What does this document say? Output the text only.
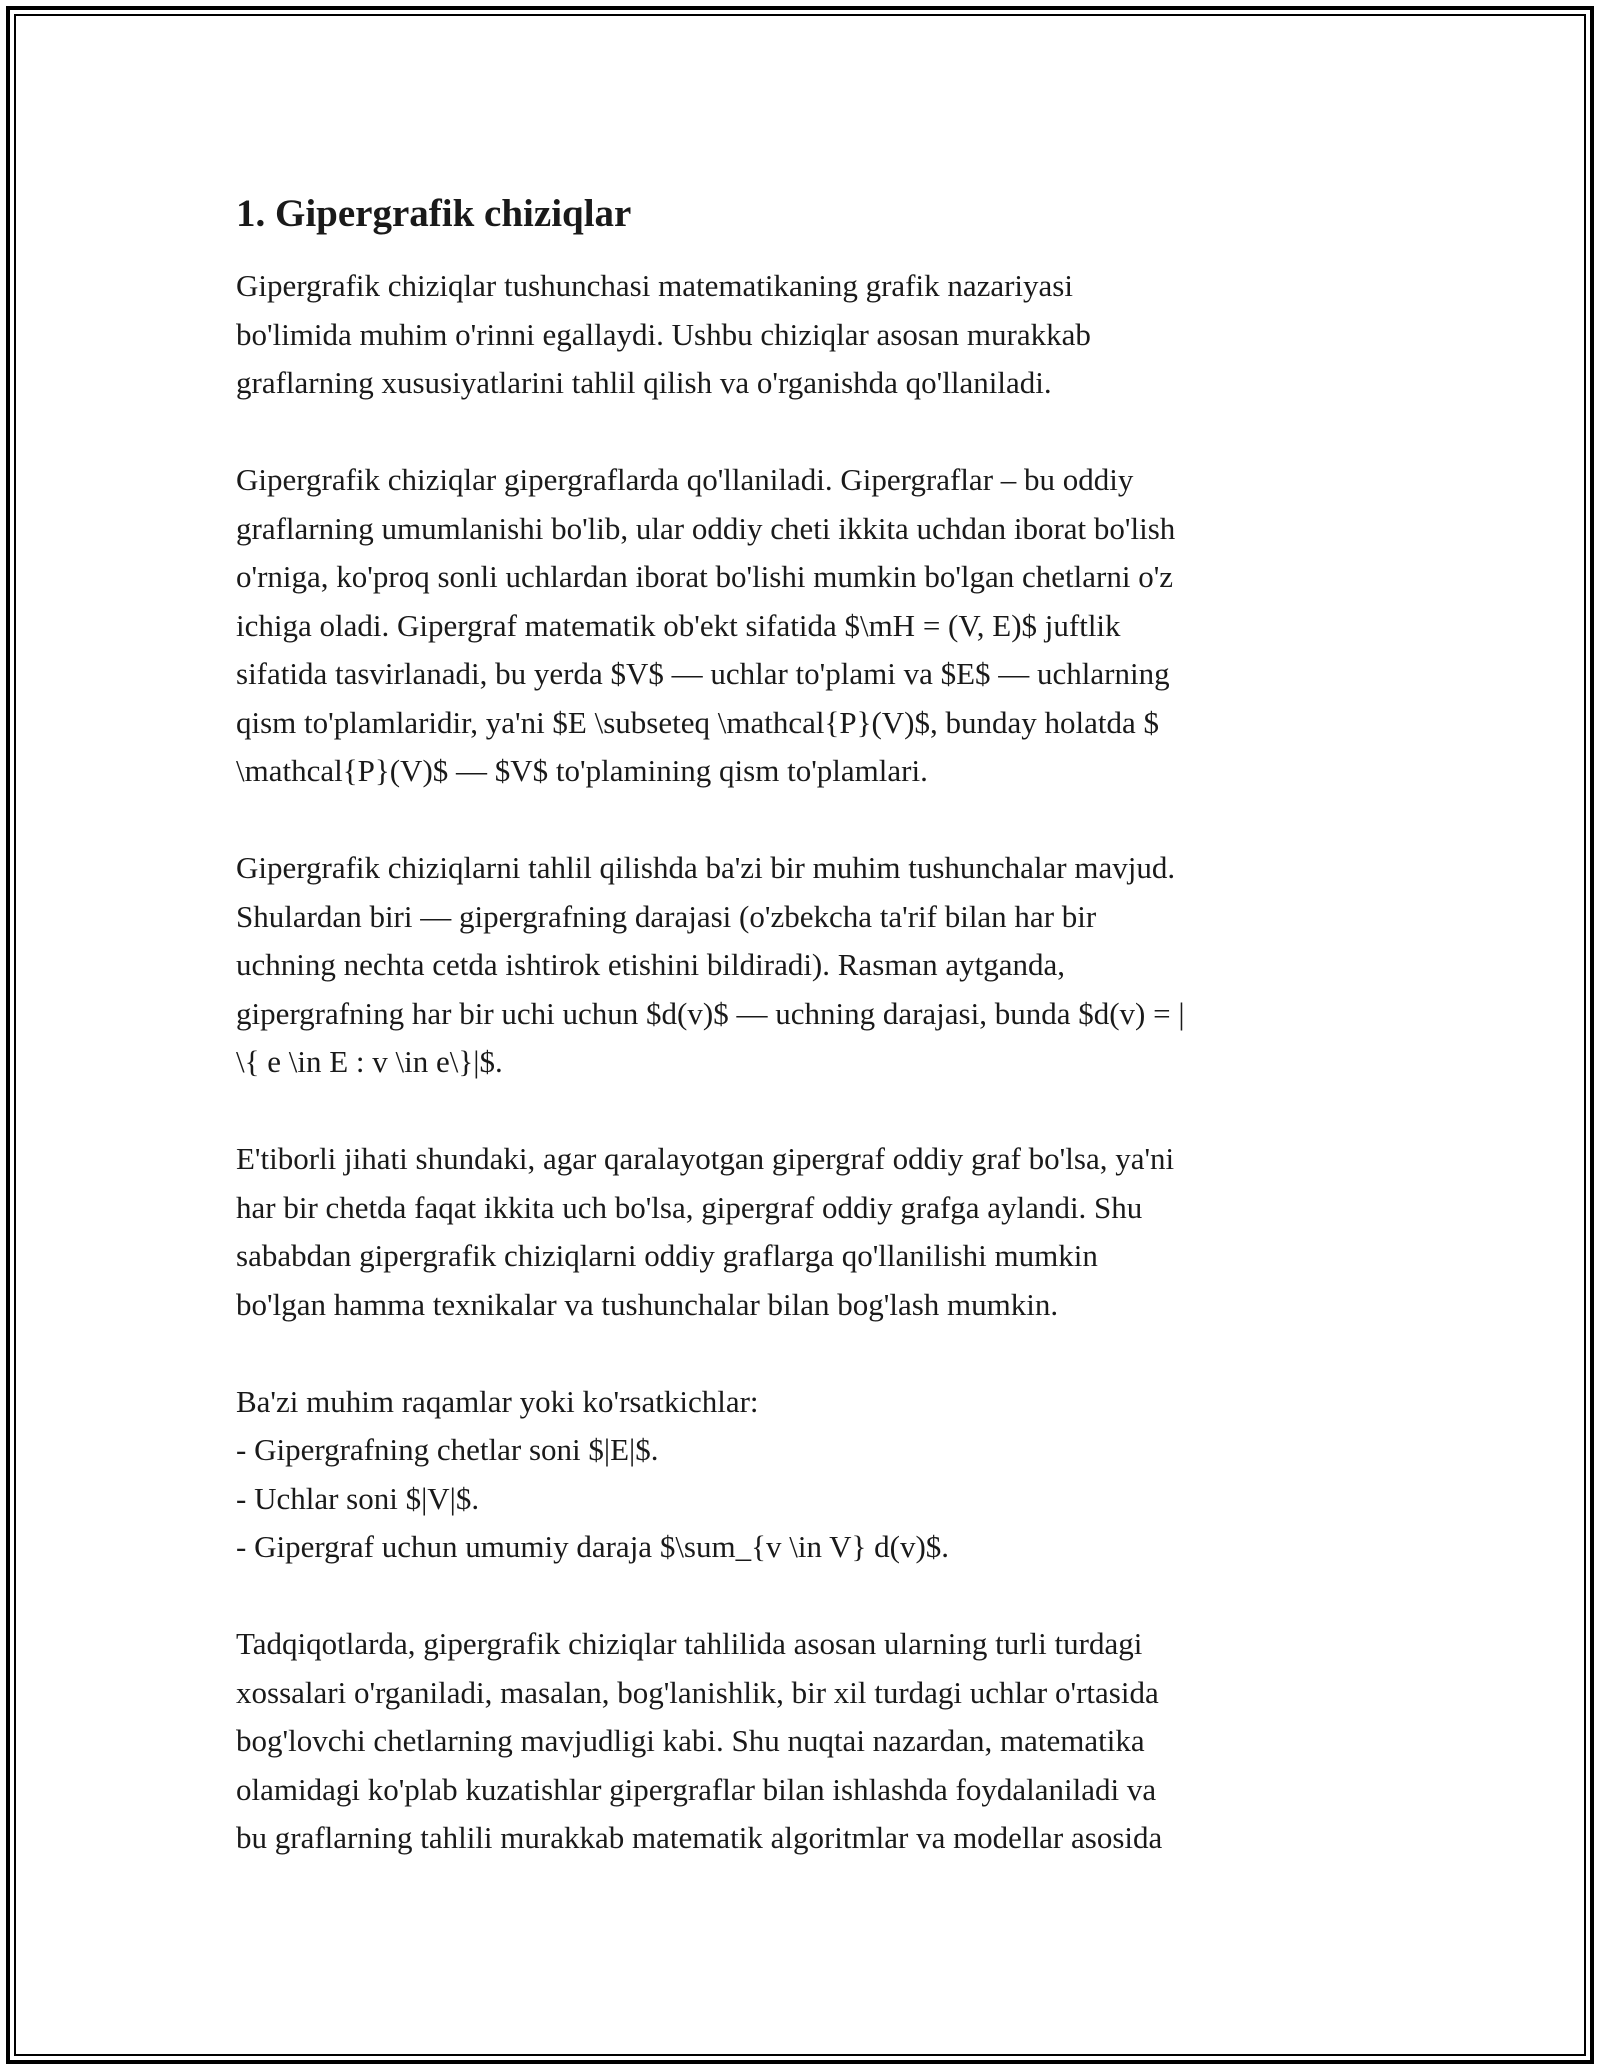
1. Gipergrafik chiziqlar
Gipergrafik chiziqlar tushunchasi matematikaning grafik nazariyasi
bo'limida muhim o'rinni egallaydi. Ushbu chiziqlar asosan murakkab
graflarning xususiyatlarini tahlil qilish va o'rganishda qo'llaniladi.
Gipergrafik chiziqlar gipergraflarda qo'llaniladi. Gipergraflar – bu oddiy
graflarning umumlanishi bo'lib, ular oddiy cheti ikkita uchdan iborat bo'lish
o'rniga, ko'proq sonli uchlardan iborat bo'lishi mumkin bo'lgan chetlarni o'z
ichiga oladi. Gipergraf matematik ob'ekt sifatida $\mH = (V, E)$ juftlik
sifatida tasvirlanadi, bu yerda $V$ — uchlar to'plami va $E$ — uchlarning
qism to'plamlaridir, ya'ni $E \subseteq \mathcal{P}(V)$, bunday holatda $
\mathcal{P}(V)$ — $V$ to'plamining qism to'plamlari.
Gipergrafik chiziqlarni tahlil qilishda ba'zi bir muhim tushunchalar mavjud.
Shulardan biri — gipergrafning darajasi (o'zbekcha ta'rif bilan har bir
uchning nechta cetda ishtirok etishini bildiradi). Rasman aytganda,
gipergrafning har bir uchi uchun $d(v)$ — uchning darajasi, bunda $d(v) = |
\{ e \in E : v \in e\}|$.
E'tiborli jihati shundaki, agar qaralayotgan gipergraf oddiy graf bo'lsa, ya'ni
har bir chetda faqat ikkita uch bo'lsa, gipergraf oddiy grafga aylandi. Shu
sababdan gipergrafik chiziqlarni oddiy graflarga qo'llanilishi mumkin
bo'lgan hamma texnikalar va tushunchalar bilan bog'lash mumkin.
Ba'zi muhim raqamlar yoki ko'rsatkichlar:
- Gipergrafning chetlar soni $|E|$.
- Uchlar soni $|V|$.
- Gipergraf uchun umumiy daraja $\sum_{v \in V} d(v)$.
Tadqiqotlarda, gipergrafik chiziqlar tahlilida asosan ularning turli turdagi
xossalari o'rganiladi, masalan, bog'lanishlik, bir xil turdagi uchlar o'rtasida
bog'lovchi chetlarning mavjudligi kabi. Shu nuqtai nazardan, matematika
olamidagi ko'plab kuzatishlar gipergraflar bilan ishlashda foydalaniladi va
bu graflarning tahlili murakkab matematik algoritmlar va modellar asosida
